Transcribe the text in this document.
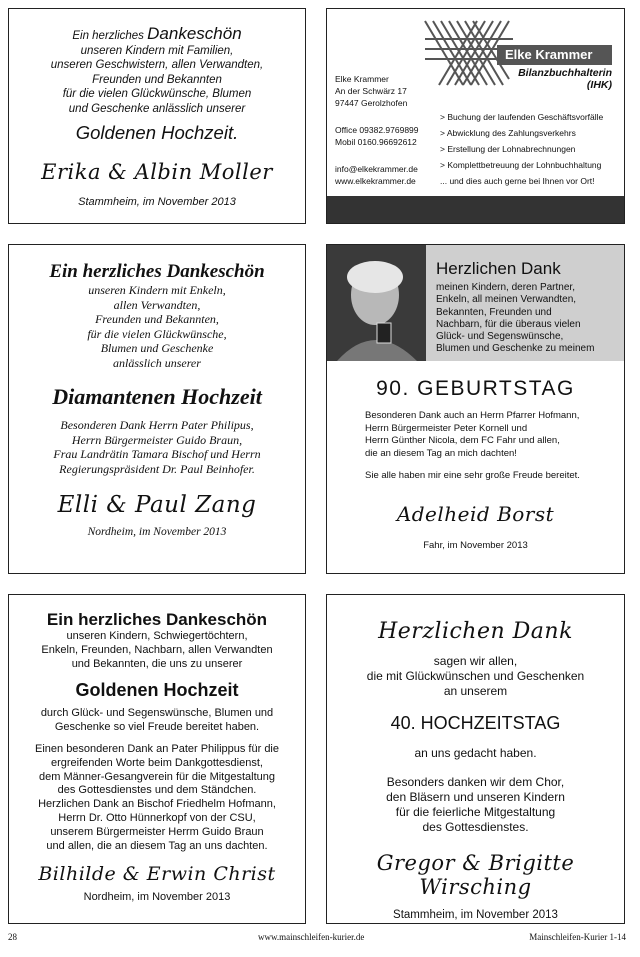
Ein herzliches Dankeschön
unseren Kindern mit Familien,
unseren Geschwistern, allen Verwandten,
Freunden und Bekannten
für die vielen Glückwünsche, Blumen
und Geschenke anlässlich unserer
Goldenen Hochzeit.
Erika & Albin Moller
Stammheim, im November 2013
Elke Krammer
Bilanzbuchhalterin (IHK)
Elke Krammer
An der Schwärz 17
97447 Gerolzhofen
Office 09382.9769899
Mobil 0160.96692612
info@elkekrammer.de
www.elkekrammer.de
> Buchung der laufenden Geschäftsvorfälle
> Abwicklung des Zahlungsverkehrs
> Erstellung der Lohnabrechnungen
> Komplettbetreuung der Lohnbuchhaltung
... und dies auch gerne bei Ihnen vor Ort!
Ein herzliches Dankeschön
unseren Kindern mit Enkeln,
allen Verwandten,
Freunden und Bekannten,
für die vielen Glückwünsche,
Blumen und Geschenke
anlässlich unserer
Diamantenen Hochzeit
Besonderen Dank Herrn Pater Philipus,
Herrn Bürgermeister Guido Braun,
Frau Landrätin Tamara Bischof und Herrn
Regierungspräsident Dr. Paul Beinhofer.
Elli & Paul Zang
Nordheim, im November 2013
Herzlichen Dank
meinen Kindern, deren Partner,
Enkeln, all meinen Verwandten,
Bekannten, Freunden und
Nachbarn, für die überaus vielen
Glück- und Segenswünsche,
Blumen und Geschenke zu meinem
90. GEBURTSTAG
Besonderen Dank auch an Herrn Pfarrer Hofmann,
Herrn Bürgermeister Peter Kornell und
Herrn Günther Nicola, dem FC Fahr und allen,
die an diesem Tag an mich dachten!
Sie alle haben mir eine sehr große Freude bereitet.
Adelheid Borst
Fahr, im November 2013
Ein herzliches Dankeschön
unseren Kindern, Schwiegertöchtern,
Enkeln, Freunden, Nachbarn, allen Verwandten
und Bekannten, die uns zu unserer
Goldenen Hochzeit
durch Glück- und Segenswünsche, Blumen und
Geschenke so viel Freude bereitet haben.
Einen besonderen Dank an Pater Philippus für die
ergreifenden Worte beim Dankgottesdienst,
dem Männer-Gesangverein für die Mitgestaltung
des Gottesdienstes und dem Ständchen.
Herzlichen Dank an Bischof Friedhelm Hofmann,
Herrn Dr. Otto Hünnerkopf von der CSU,
unserem Bürgermeister Herrm Guido Braun
und allen, die an diesem Tag an uns dachten.
Bilhilde & Erwin Christ
Nordheim, im November 2013
Herzlichen Dank
sagen wir allen,
die mit Glückwünschen und Geschenken
an unserem
40. HOCHZEITSTAG
an uns gedacht haben.
Besonders danken wir dem Chor,
den Bläsern und unseren Kindern
für die feierliche Mitgestaltung
des Gottesdienstes.
Gregor & Brigitte Wirsching
Stammheim, im November 2013
28	www.mainschleifen-kurier.de	Mainschleifen-Kurier 1-14
